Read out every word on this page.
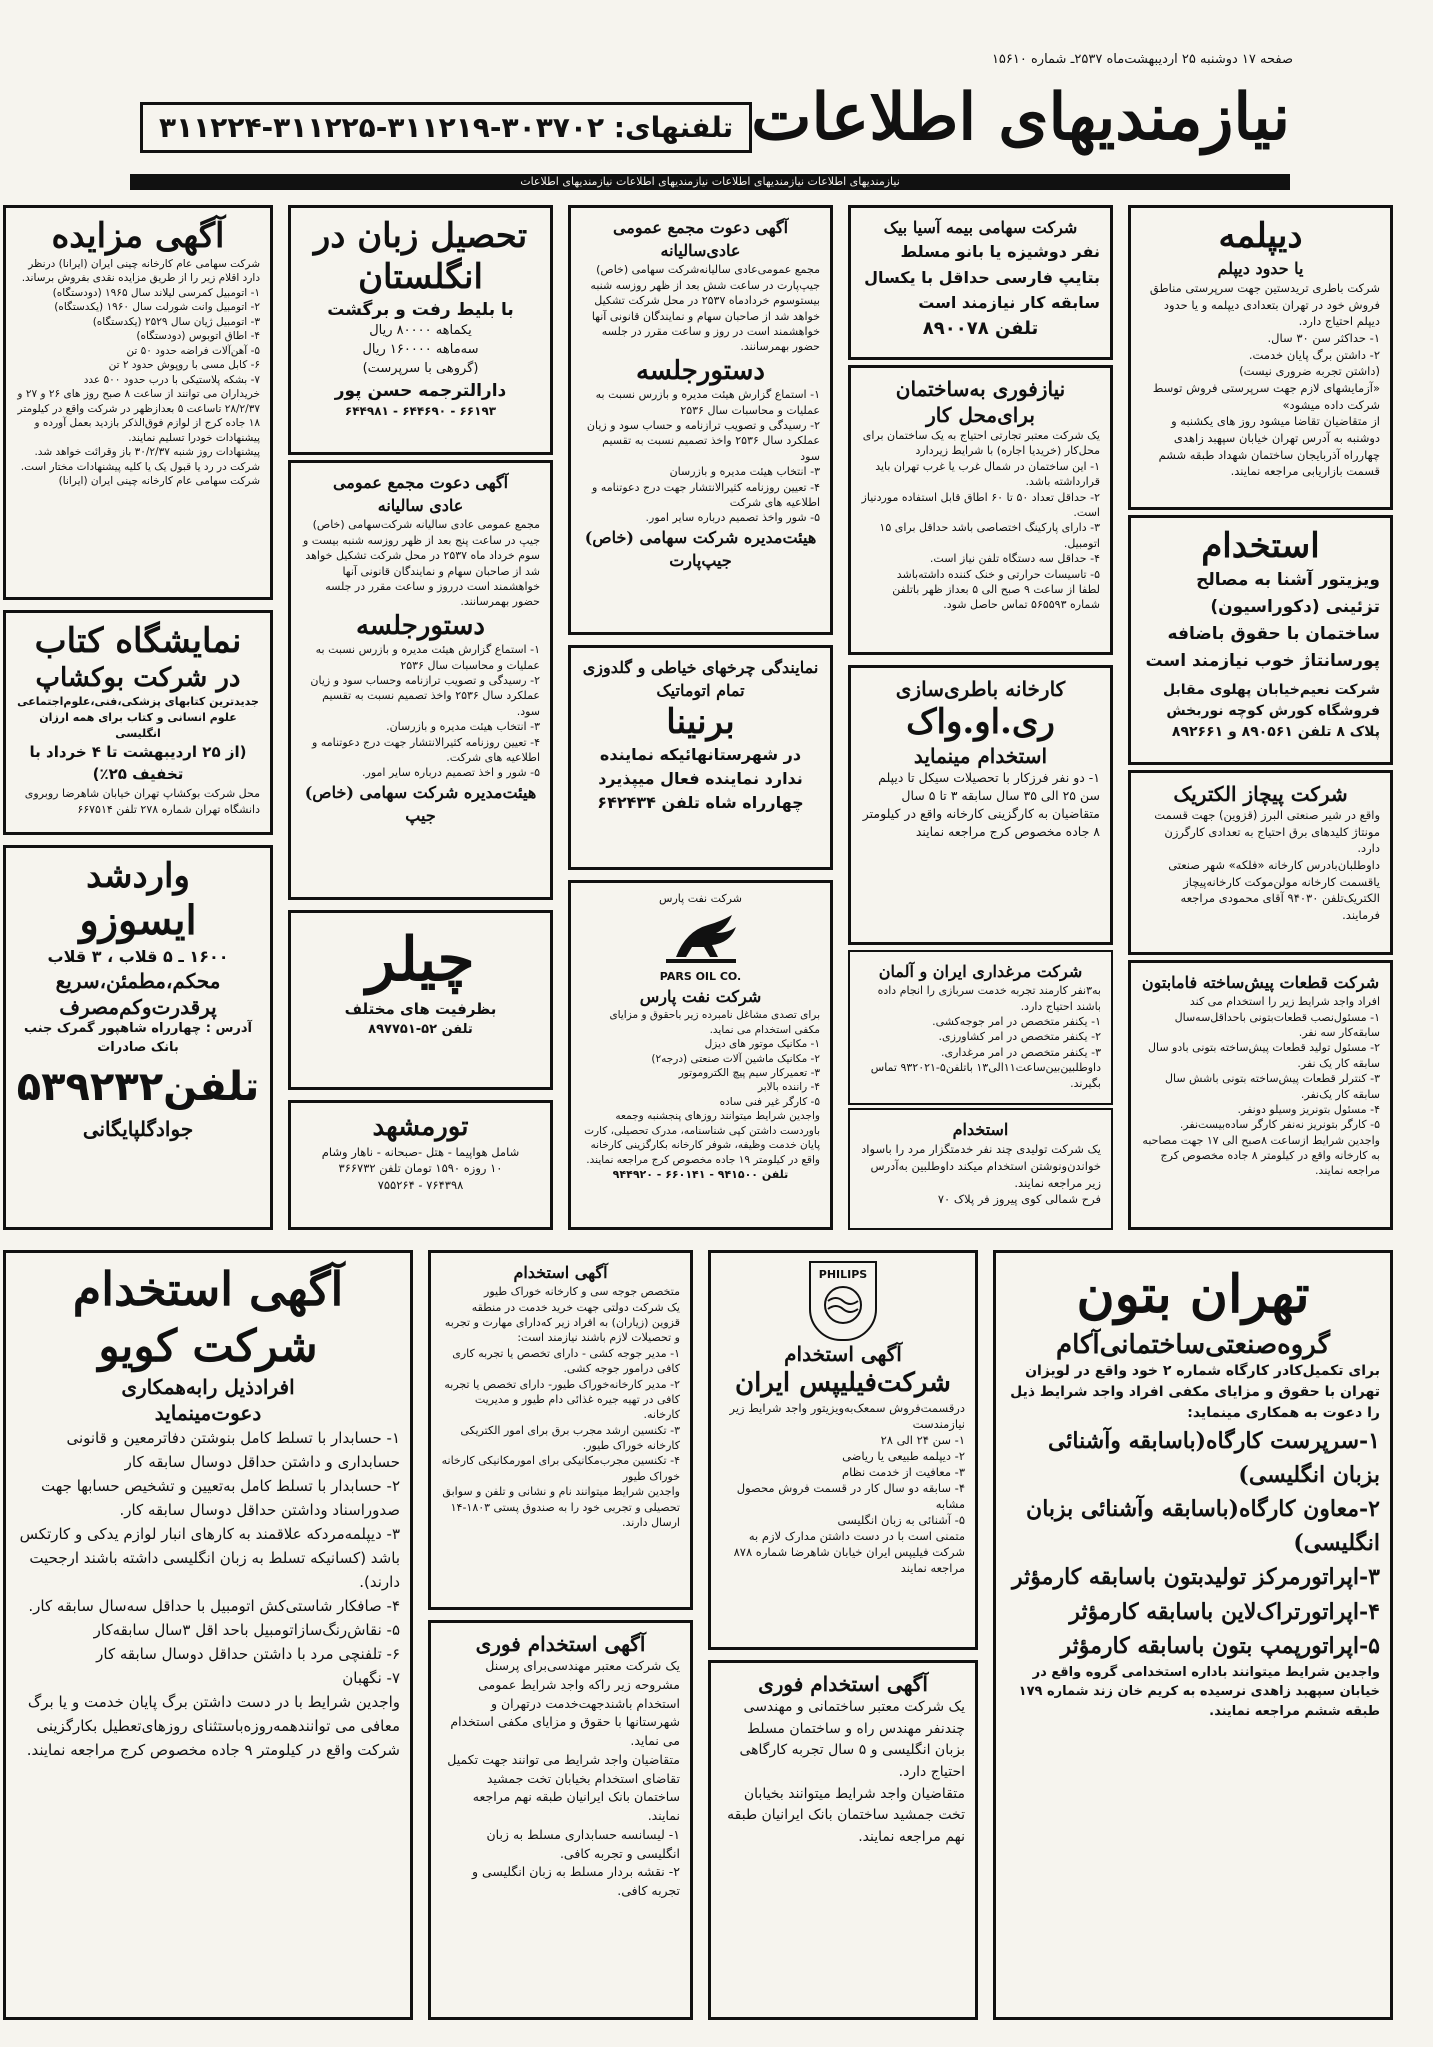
صفحه ۱۷ دوشنبه ۲۵ اردیبهشت‌ماه ۲۵۳۷ـ شماره ۱۵۶۱۰
نیازمندیهای اطلاعات
تلفنهای: ۳۰۳۷۰۲-۳۱۱۲۱۹-۳۱۱۲۲۵-۳۱۱۲۲۴
نیازمندیهای اطلاعات نیازمندیهای اطلاعات نیازمندیهای اطلاعات نیازمندیهای اطلاعات
دیپلمه
یا حدود دیپلم
شرکت باطری تریدستین جهت سرپرستی مناطق فروش خود در تهران بتعدادی دیپلمه و یا حدود دیپلم احتیاج دارد.
۱- حداکثر سن ۳۰ سال.
۲- داشتن برگ پایان خدمت.
(داشتن تجربه ضروری نیست)
«آزمایشهای لازم جهت سرپرستی فروش توسط شرکت داده میشود»
از متقاضیان تقاضا میشود روز های یکشنبه و دوشنبه به آدرس تهران خیابان سپهبد زاهدی چهارراه آذربایجان ساختمان شهداد طبقه ششم قسمت بازاریابی مراجعه نمایند.
استخدام
ویزیتور آشنا به مصالح تزئینی (دکوراسیون) ساختمان با حقوق باضافه پورسانتاژ خوب نیازمند است
شرکت نعیم‌خیابان پهلوی مقابل فروشگاه کورش کوچه نوربخش پلاک ۸ تلفن ۸۹۰۵۶۱ و ۸۹۲۶۶۱
شرکت پیچاز الکتریک
واقع در شیر صنعتی البرز (قزوین) جهت قسمت مونتاژ کلیدهای برق احتیاج به تعدادی کارگرزن دارد.
داوطلبان‌بادرس کارخانه «فلکه» شهر صنعتی یاقسمت کارخانه مولن‌موکت کارخانه‌پیچاز الکتریک‌تلفن ۹۴۰۳۰ آقای محمودی مراجعه فرمایند.
شرکت قطعات پیش‌ساخته فامابتون
افراد واجد شرایط زیر را استخدام می کند
۱- مسئول‌نصب قطعات‌بتونی باحداقل‌سه‌سال سابقه‌کار سه نفر.
۲- مسئول تولید قطعات پیش‌ساخته بتونی بادو سال سابقه کار یک نفر.
۳- کنترلر قطعات پیش‌ساخته بتونی باشش سال سابقه کار یک‌نفر.
۴- مسئول بتونریز وسیلو دونفر.
۵- کارگر بتونریز نه‌نفر کارگر ساده‌بیست‌نفر.
واجدین شرایط ازساعت ۸صبح الی ۱۷ جهت مصاحبه به کارخانه واقع در کیلومتر ۸ جاده مخصوص کرج مراجعه نمایند.
شرکت سهامی بیمه آسیا بیک
نفر دوشیزه یا بانو مسلط بتایپ فارسی حداقل با یکسال سابقه کار نیازمند است
تلفن ۸۹۰۰۷۸
نیازفوری به‌ساختمان برای‌محل کار
یک شرکت معتبر تجارتی احتیاج به یک ساختمان برای محل‌کار (خریدیا اجاره) با شرایط زیردارد
۱- این ساختمان در شمال غرب یا غرب تهران باید قرارداشته باشد.
۲- حداقل تعداد ۵۰ تا ۶۰ اطاق قابل استفاده موردنیاز است.
۳- دارای پارکینگ اختصاصی باشد حداقل برای ۱۵ اتومبیل.
۴- حداقل سه دستگاه تلفن نیاز است.
۵- تاسیسات حرارتی و خنک کننده داشته‌باشد
لطفا از ساعت ۹ صبح الی ۵ بعداز ظهر باتلفن شماره ۵۶۵۵۹۳ تماس حاصل شود.
کارخانه باطری‌سازی
ری.او.واک
استخدام مینماید
۱- دو نفر فرزکار با تحصیلات سیکل تا دیپلم
سن ۲۵ الی ۳۵ سال سابقه ۳ تا ۵ سال متقاضیان به کارگزینی کارخانه واقع در کیلومتر ۸ جاده مخصوص کرج مراجعه نمایند
شرکت مرغداری ایران و آلمان
به‌۳نفر کارمند تجربه خدمت سربازی را انجام داده باشند احتیاج دارد.
۱- یکنفر متخصص در امر جوجه‌کشی.
۲- یکنفر متخصص در امر کشاورزی.
۳- یکنفر متخصص در امر مرغداری.
داوطلبین‌بین‌ساعت۱۱الی۱۳ باتلفن۵-۹۳۲۰۲۱ تماس بگیرند.
استخدام
یک شرکت تولیدی چند نفر خدمتگزار مرد را باسواد خواندن‌ونوشتن استخدام میکند داوطلبین به‌آدرس زیر مراجعه نمایند.
فرح شمالی کوی پیروز فر پلاک ۷۰
آگهی دعوت مجمع عمومی
عادی‌سالیانه
مجمع عمومی‌عادی سالیانه‌شرکت سهامی (خاص) جیپ‌پارت در ساعت شش بعد از ظهر روزسه شنبه بیستوسوم خرداد‌ماه ۲۵۳۷ در محل شرکت تشکیل خواهد شد از صاحبان سهام و نمایندگان قانونی آنها خواهشمند است در روز و ساعت مقرر در جلسه حضور بهمرسانند.
دستورجلسه
۱- استماع گزارش هیئت مدیره و بازرس نسبت به عملیات و محاسبات سال ۲۵۳۶
۲- رسیدگی و تصویب ترازنامه و حساب سود و زیان عملکرد سال ۲۵۳۶ واخذ تصمیم نسبت به تقسیم سود
۳- انتخاب هیئت مدیره و بازرسان
۴- تعیین روزنامه کثیرالانتشار جهت درج دعوتنامه و اطلاعیه های شرکت
۵- شور واخذ تصمیم درباره سایر امور.
هیئت‌مدیره شرکت سهامی (خاص) جیپ‌پارت
نمایندگی چرخهای خیاطی و گلدوزی تمام اتوماتیک
برنینا
در شهرستانهائیکه نماینده ندارد نماینده فعال میپذیرد
چهارراه شاه تلفن ۶۴۲۴۳۴
شرکت نفت پارس
PARS OIL CO.
شرکت نفت پارس
برای تصدی مشاغل نامبرده زیر باحقوق و مزایای مکفی استخدام می نماید.
۱- مکانیک موتور های دیزل
۲- مکانیک ماشین آلات صنعتی (درجه۲)
۳- تعمیرکار سیم پیچ الکتروموتور
۴- راننده بالابر
۵- کارگر غیر فنی ساده
واجدین شرایط میتوانند روزهای پنجشنبه وجمعه باوردست داشتن کپی شناسنامه، مدرک تحصیلی، کارت پایان خدمت وظیفه، شوفر کارخانه بکارگزینی کارخانه واقع در کیلومتر ۱۹ جاده مخصوص کرج مراجعه نمایند.
تلفن ۹۴۱۵۰۰ - ۶۶۰۱۴۱ - ۹۴۴۹۲۰
تحصیل زبان در انگلستان
با بلیط رفت و برگشت
یکماهه ۸۰۰۰۰ ریال
سه‌ماهه ۱۶۰۰۰۰ ریال
(گروهی با سرپرست)
دارالترجمه حسن پور
۶۶۱۹۳ - ۶۴۴۶۹۰ - ۶۴۴۹۸۱
آگهی دعوت مجمع عمومی
عادی سالیانه
مجمع عمومی عادی سالیانه شرکت‌سهامی (خاص) جیپ در ساعت پنج بعد از ظهر روزسه شنبه بیست و سوم خرداد ماه ۲۵۳۷ در محل شرکت تشکیل خواهد شد از صاحبان سهام و نمایندگان قانونی آنها خواهشمند است درروز و ساعت مقرر در جلسه حضور بهمرسانند.
دستورجلسه
۱- استماع گزارش هیئت مدیره و بازرس نسبت به عملیات و محاسبات سال ۲۵۳۶
۲- رسیدگی و تصویب ترازنامه وحساب سود و زیان عملکرد سال ۲۵۳۶ واخذ تصمیم نسبت به تقسیم سود.
۳- انتخاب هیئت مدیره و بازرسان.
۴- تعیین روزنامه کثیرالانتشار جهت درج دعوتنامه و اطلاعیه های شرکت.
۵- شور و اخذ تصمیم درباره سایر امور.
هیئت‌مدیره شرکت سهامی (خاص) جیپ
چیلر
بظرفیت های مختلف
تلفن ۵۲-۸۹۷۷۵۱
تورمشهد
شامل هواپیما - هتل -صبحانه - ناهار وشام
۱۰ روزه ۱۵۹۰ تومان تلفن ۳۶۶۷۳۲
۷۶۴۳۹۸ - ۷۵۵۲۶۴
آگهی مزایده
شرکت سهامی عام کارخانه چینی ایران (ایرانا) درنظر دارد اقلام زیر را از طریق مزایده نقدی بفروش برساند.
۱- اتومبیل کمرسی لیلاند سال ۱۹۶۵ (دودستگاه)
۲- اتومبیل وانت شورلت سال ۱۹۶۰ (یکدستگاه)
۳- اتومبیل ژیان سال ۲۵۲۹ (یکدستگاه)
۴- اطاق اتوبوس (دودستگاه)
۵- آهن‌آلات فراضه حدود ۵۰ تن
۶- کابل مسی با روپوش حدود ۲ تن
۷- بشکه پلاستیکی با درب حدود ۵۰۰ عدد
خریداران می توانند از ساعت ۸ صبح روز های ۲۶ و ۲۷ و ۲۸/۲/۳۷ تاساعت ۵ بعدازظهر در شرکت واقع در کیلومتر ۱۸ جاده کرج از لوازم فوق‌الذکر بازدید بعمل آورده و پیشنهادات خودرا تسلیم نمایند.
پیشنهادات روز شنبه ۳۰/۲/۳۷ باز وقرائت خواهد شد. شرکت در رد یا قبول یک یا کلیه پیشنهادات مختار است.
شرکت سهامی عام کارخانه چینی ایران (ایرانا)
نمایشگاه کتاب
در شرکت بوکشاپ
جدیدترین کتابهای پزشکی،فنی،علوم‌اجتماعی علوم انسانی و کتاب برای همه ارزان انگلیسی
(از ۲۵ اردیبهشت تا ۴ خرداد با تخفیف ۲۵٪)
محل شرکت بوکشاپ تهران خیابان شاهرضا روبروی دانشگاه تهران شماره ۲۷۸ تلفن ۶۶۷۵۱۴
واردشد
ایسوزو
۱۶۰۰ ـ ۵ قلاب ، ۳ قلاب
محکم،مطمئن،سریع
پرقدرت‌وکم‌مصرف
آدرس : چهارراه شاهپور گمرک جنب بانک صادرات
تلفن۵۳۹۲۳۲
جوادگلپایگانی
تهران بتون
گروه‌صنعتی‌ساختمانی‌آکام
برای تکمیل‌کادر کارگاه شماره ۲ خود واقع در لویزان تهران با حقوق و مزایای مکفی افراد واجد شرایط ذیل را دعوت به همکاری مینماید:
۱-سرپرست کارگاه(باسابقه وآشنائی بزبان انگلیسی)
۲-معاون کارگاه(باسابقه وآشنائی بزبان انگلیسی)
۳-اپراتورمرکز تولیدبتون باسابقه کارمؤثر
۴-اپراتورتراک‌لاین باسابقه کارمؤثر
۵-اپراتورپمپ بتون باسابقه کارمؤثر
واجدین شرایط میتوانند باداره استخدامی گروه واقع در خیابان سپهبد زاهدی نرسیده به کریم خان زند شماره ۱۷۹ طبقه ششم مراجعه نمایند.
PHILIPS
آگهی استخدام
شرکت‌فیلیپس ایران
درقسمت‌فروش سمعک‌به‌ویزیتور واجد شرایط زیر نیازمندست
۱- سن ۲۴ الی ۲۸
۲- دیپلمه طبیعی یا ریاضی
۳- معافیت از خدمت نظام
۴- سابقه دو سال کار در قسمت فروش محصول مشابه
۵- آشنائی به زبان انگلیسی
متمنی است با در دست داشتن مدارک لازم به شرکت فیلیپس ایران خیابان شاهرضا شماره ۸۷۸ مراجعه نمایند
آگهی استخدام فوری
یک شرکت معتبر ساختمانی و مهندسی چندنفر مهندس راه و ساختمان مسلط بزبان انگلیسی و ۵ سال تجربه کارگاهی احتیاج دارد.
متقاضیان واجد شرایط میتوانند بخیابان تخت جمشید ساختمان بانک ایرانیان طبقه نهم مراجعه نمایند.
آگهی استخدام
متخصص جوجه سی و کارخانه خوراک طیور
یک شرکت دولتی جهت خرید خدمت در منطقه قزوین (زیاران) به افراد زیر که‌دارای مهارت و تجربه و تحصیلات لازم باشند نیازمند است:
۱- مدیر جوجه کشی - دارای تخصص یا تجربه کاری کافی درامور جوجه کشی.
۲- مدیر کارخانه‌خوراک طیور- دارای تخصص یا تجربه کافی در تهیه جیره غذائی دام طیور و مدیریت کارخانه.
۳- تکنسین ارشد مجرب برق برای امور الکتریکی کارخانه خوراک طیور.
۴- تکنسین مجرب‌مکانیکی برای امورمکانیکی کارخانه خوراک طیور
واجدین شرایط میتوانند نام و نشانی و تلفن و سوابق تحصیلی و تجربی خود را به صندوق پستی ۱۸۰۳-۱۴ ارسال دارند.
آگهی استخدام فوری
یک شرکت معتبر مهندسی‌برای پرسنل مشروحه زیر راکه واجد شرایط عمومی استخدام باشند‌جهت‌خدمت درتهران و شهرستانها با حقوق و مزایای مکفی استخدام می نماید.
متقاضیان واجد شرایط می توانند جهت تکمیل تقاضای استخدام بخیابان تخت جمشید ساختمان بانک ایرانیان طبقه نهم مراجعه نمایند.
۱- لیسانسه حسابداری مسلط به زبان انگلیسی و تجربه کافی.
۲- نقشه بردار مسلط به زبان انگلیسی و تجربه کافی.
آگهی استخدام
شرکت کویو
افرادذیل رابه‌همکاری
دعوت‌مینماید
۱- حسابدار با تسلط کامل بنوشتن دفاترمعین و قانونی حسابداری و داشتن حداقل دوسال سابقه کار
۲- حسابدار با تسلط کامل به‌تعیین و تشخیص حسابها جهت صدوراسناد وداشتن حداقل دوسال سابقه کار.
۳- دیپلمه‌مردکه علاقمند به کارهای انبار لوازم یدکی و کارتکس باشد (کسانیکه تسلط به زبان انگلیسی داشته باشند ارجحیت دارند).
۴- صافکار شاستی‌کش اتومبیل با حداقل سه‌سال سابقه کار.
۵- نقاش‌رنگ‌سازاتومبیل باحد اقل ۳سال سابقه‌کار
۶- تلفنچی مرد با داشتن حداقل دوسال سابقه کار
۷- نگهبان
واجدین شرایط با در دست داشتن برگ پایان خدمت و یا برگ معافی می توانندهمه‌روزه‌باستثنای روزهای‌تعطیل بکارگزینی شرکت واقع در کیلومتر ۹ جاده مخصوص کرج مراجعه نمایند.
